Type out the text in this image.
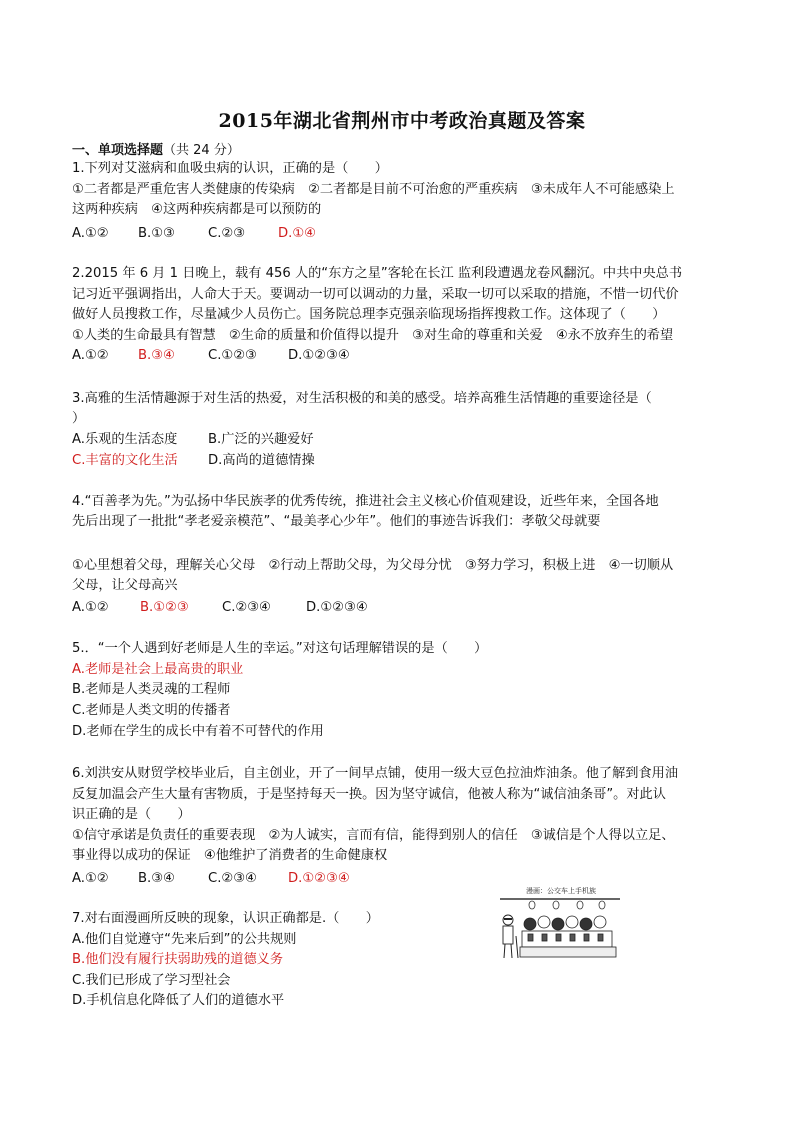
2015年湖北省荆州市中考政治真题及答案
一、单项选择题（共 24 分）
1.下列对艾滋病和血吸虫病的认识，正确的是（　　）
①二者都是严重危害人类健康的传染病　②二者都是目前不可治愈的严重疾病　③未成年人不可能感染上
这两种疾病　④这两种疾病都是可以预防的
A.①② B.①③	C.②③ D.①④
2.2015 年 6 月 1 日晚上，载有 456 人的“东方之星”客轮在长江 监利段遭遇龙卷风翻沉。中共中央总书
记习近平强调指出，人命大于天。要调动一切可以调动的力量，采取一切可以采取的措施，不惜一切代价
做好人员搜救工作，尽量减少人员伤亡。国务院总理李克强亲临现场指挥搜救工作。这体现了（　　）
①人类的生命最具有智慧　②生命的质量和价值得以提升　③对生命的尊重和关爱　④永不放弃生的希望
A.①② B.③④	C.①②③ D.①②③④
3.高雅的生活情趣源于对生活的热爱，对生活积极的和美的感受。培养高雅生活情趣的重要途径是（
）
A.乐观的生活态度 B.广泛的兴趣爱好
C.丰富的文化生活 D.高尚的道德情操
4.“百善孝为先。”为弘扬中华民族孝的优秀传统，推进社会主义核心价值观建设，近些年来，全国各地
先后出现了一批批“孝老爱亲模范”、“最美孝心少年”。他们的事迹告诉我们：孝敬父母就要
①心里想着父母，理解关心父母　②行动上帮助父母，为父母分忧　③努力学习，积极上进　④一切顺从
父母，让父母高兴
A.①② B.①②③	C.②③④	D.①②③④
5.．“一个人遇到好老师是人生的幸运。”对这句话理解错误的是（　　）
A.老师是社会上最高贵的职业
B.老师是人类灵魂的工程师
C.老师是人类文明的传播者
D.老师在学生的成长中有着不可替代的作用
6.刘洪安从财贸学校毕业后，自主创业，开了一间早点铺，使用一级大豆色拉油炸油条。他了解到食用油
反复加温会产生大量有害物质，于是坚持每天一换。因为坚守诚信，他被人称为“诚信油条哥”。对此认
识正确的是（　　）
①信守承诺是负责任的重要表现　②为人诚实，言而有信，能得到别人的信任　③诚信是个人得以立足、
事业得以成功的保证　④他维护了消费者的生命健康权
A.①② B.③④	C.②③④ D.①②③④
7.对右面漫画所反映的现象，认识正确都是.（　　）
A.他们自觉遵守“先来后到”的公共规则
B.他们没有履行扶弱助残的道德义务
C.我们已形成了学习型社会
D.手机信息化降低了人们的道德水平
漫画：公交车上手机族
